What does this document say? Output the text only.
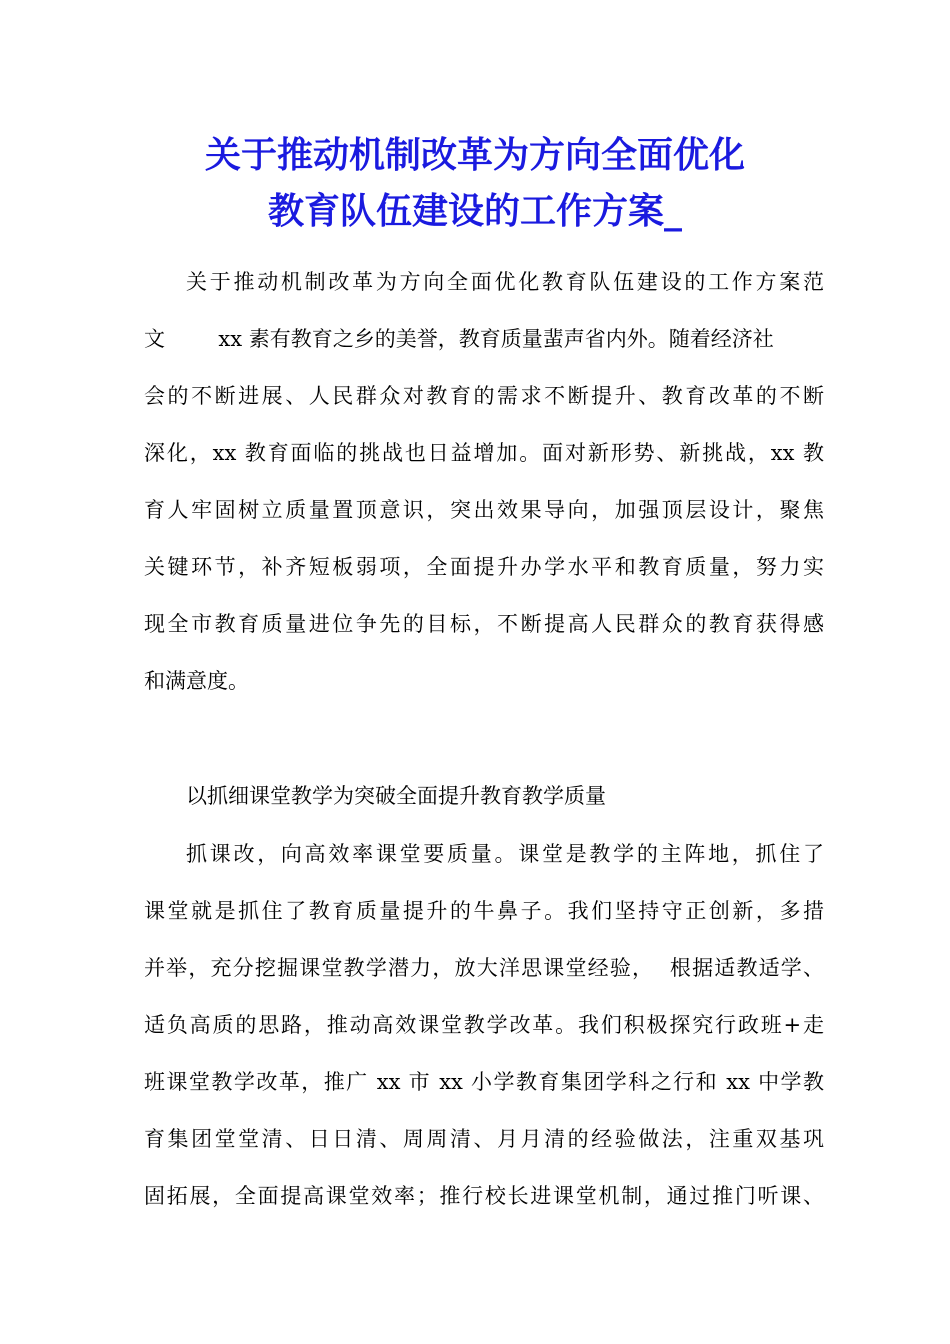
关于推动机制改革为方向全面优化
教育队伍建设的工作方案_
关于推动机制改革为方向全面优化教育队伍建设的工作方案范
文        xx 素有教育之乡的美誉，教育质量蜚声省内外。随着经济社
会的不断进展、人民群众对教育的需求不断提升、教育改革的不断
深化，xx 教育面临的挑战也日益增加。面对新形势、新挑战，xx 教
育人牢固树立质量置顶意识，突出效果导向，加强顶层设计，聚焦
关键环节，补齐短板弱项，全面提升办学水平和教育质量，努力实
现全市教育质量进位争先的目标，不断提高人民群众的教育获得感
和满意度。
以抓细课堂教学为突破全面提升教育教学质量
抓课改，向高效率课堂要质量。课堂是教学的主阵地，抓住了
课堂就是抓住了教育质量提升的牛鼻子。我们坚持守正创新，多措
并举，充分挖掘课堂教学潜力，放大洋思课堂经验，  根据适教适学、
适负高质的思路，推动高效课堂教学改革。我们积极探究行政班+走
班课堂教学改革，推广 xx 市 xx 小学教育集团学科之行和 xx 中学教
育集团堂堂清、日日清、周周清、月月清的经验做法，注重双基巩
固拓展，全面提高课堂效率；推行校长进课堂机制，通过推门听课、
